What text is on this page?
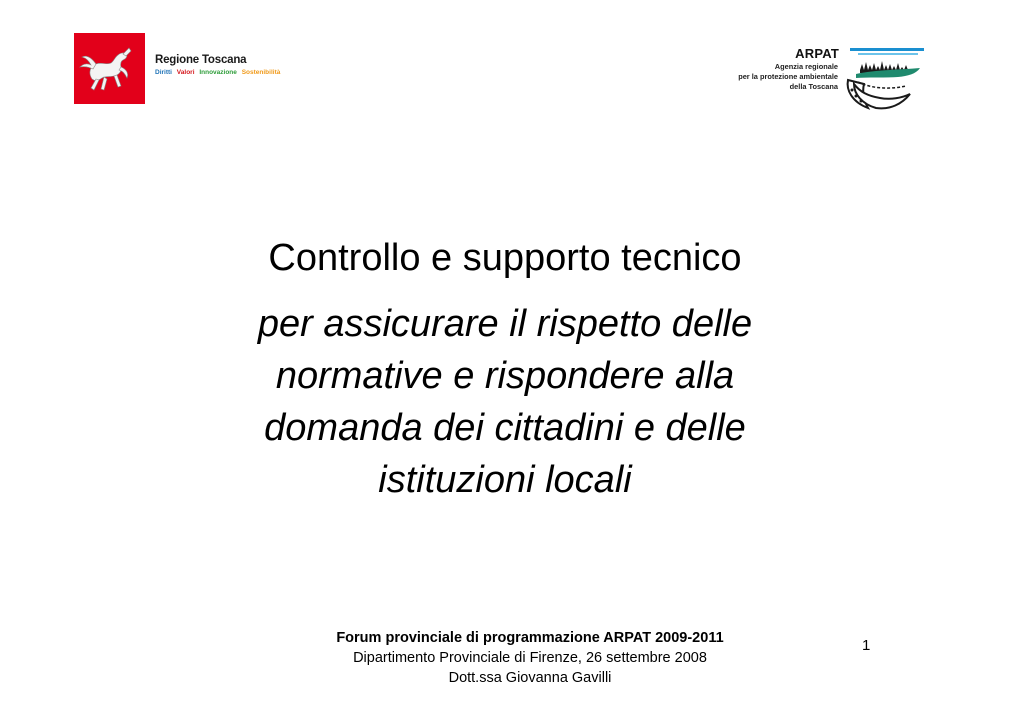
Regione Toscana
Diritti Valori Innovazione Sostenibilità
ARPAT
Agenzia regionale
per la protezione ambientale
della Toscana
Controllo e supporto tecnico
per assicurare il rispetto delle
normative e rispondere alla
domanda dei cittadini e delle
istituzioni locali
Forum provinciale di programmazione ARPAT 2009-2011
Dipartimento Provinciale di Firenze, 26 settembre 2008
Dott.ssa Giovanna Gavilli
1
